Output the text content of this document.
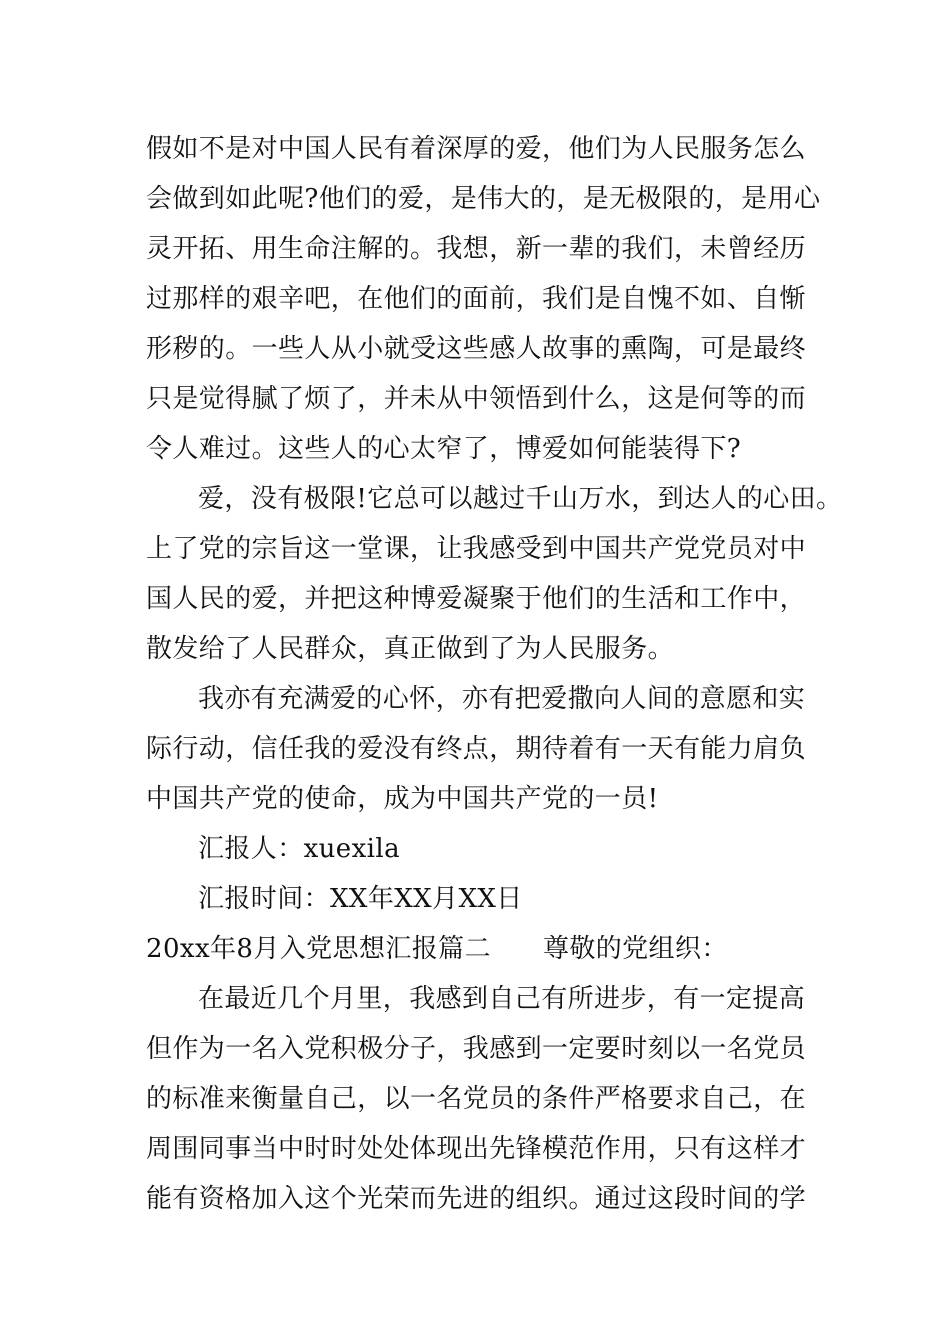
假如不是对中国人民有着深厚的爱，他们为人民服务怎么

会做到如此呢?他们的爱，是伟大的，是无极限的，是用心

灵开拓、用生命注解的。我想，新一辈的我们，未曾经历

过那样的艰辛吧，在他们的面前，我们是自愧不如、自惭

形秽的。一些人从小就受这些感人故事的熏陶，可是最终

只是觉得腻了烦了，并未从中领悟到什么，这是何等的而

令人难过。这些人的心太窄了，博爱如何能装得下?

爱，没有极限!它总可以越过千山万水，到达人的心田。

上了党的宗旨这一堂课，让我感受到中国共产党党员对中

国人民的爱，并把这种博爱凝聚于他们的生活和工作中，

散发给了人民群众，真正做到了为人民服务。

我亦有充满爱的心怀，亦有把爱撒向人间的意愿和实

际行动，信任我的爱没有终点，期待着有一天有能力肩负

中国共产党的使命，成为中国共产党的一员!

汇报人：xuexila

汇报时间：XX年XX月XX日

20xx年8月入党思想汇报篇二      尊敬的党组织：

在最近几个月里，我感到自己有所进步，有一定提高

但作为一名入党积极分子，我感到一定要时刻以一名党员

的标准来衡量自己，以一名党员的条件严格要求自己，在

周围同事当中时时处处体现出先锋模范作用，只有这样才

能有资格加入这个光荣而先进的组织。通过这段时间的学
